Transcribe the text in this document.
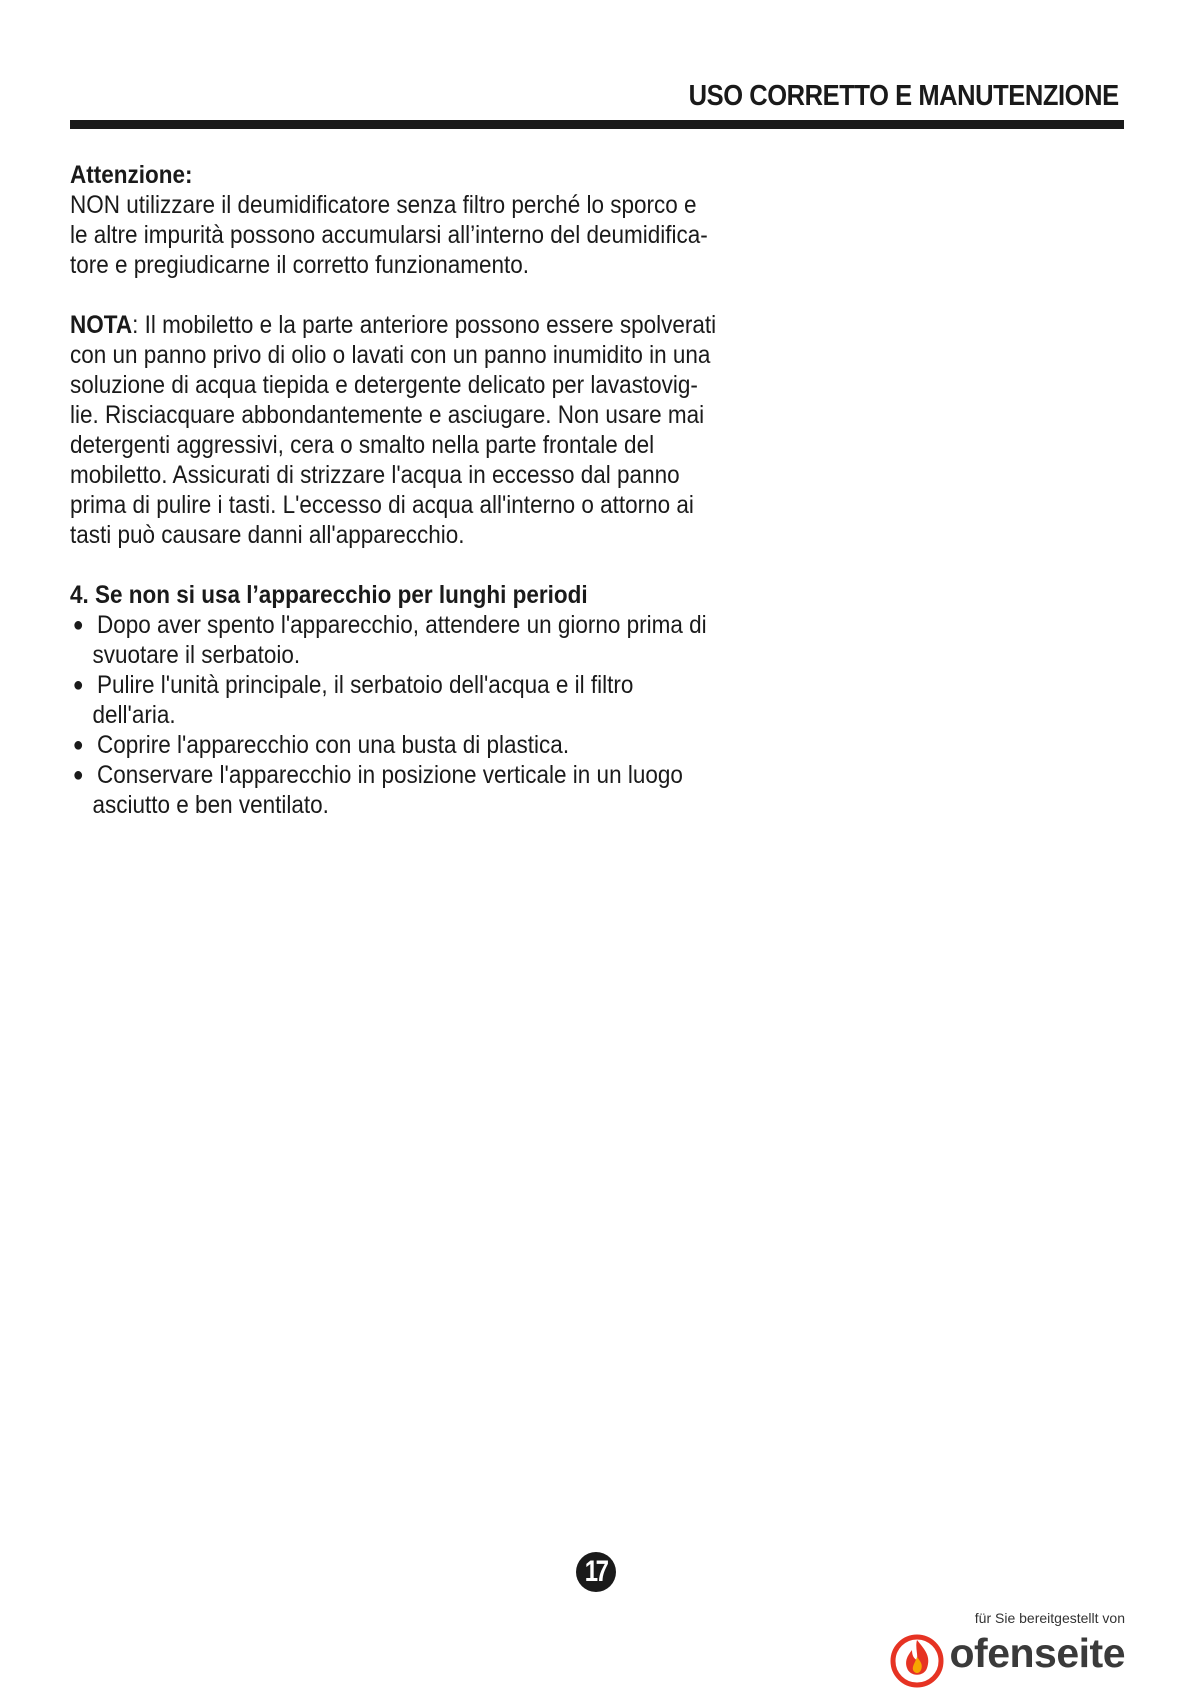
USO CORRETTO E MANUTENZIONE
Attenzione:
NON utilizzare il deumidificatore senza filtro perché lo sporco e
le altre impurità possono accumularsi all’interno del deumidifica-
tore e pregiudicarne il corretto funzionamento.
NOTA: Il mobiletto e la parte anteriore possono essere spolverati
con un panno privo di olio o lavati con un panno inumidito in una
soluzione di acqua tiepida e detergente delicato per lavastovig-
lie. Risciacquare abbondantemente e asciugare. Non usare mai
detergenti aggressivi, cera o smalto nella parte frontale del
mobiletto. Assicurati di strizzare l'acqua in eccesso dal panno
prima di pulire i tasti. L'eccesso di acqua all'interno o attorno ai
tasti può causare danni all'apparecchio.
4. Se non si usa l’apparecchio per lunghi periodi
● Dopo aver spento l'apparecchio, attendere un giorno prima di
svuotare il serbatoio.
● Pulire l'unità principale, il serbatoio dell'acqua e il filtro
dell'aria.
● Coprire l'apparecchio con una busta di plastica.
● Conservare l'apparecchio in posizione verticale in un luogo
asciutto e ben ventilato.
17
für Sie bereitgestellt von
ofenseite
